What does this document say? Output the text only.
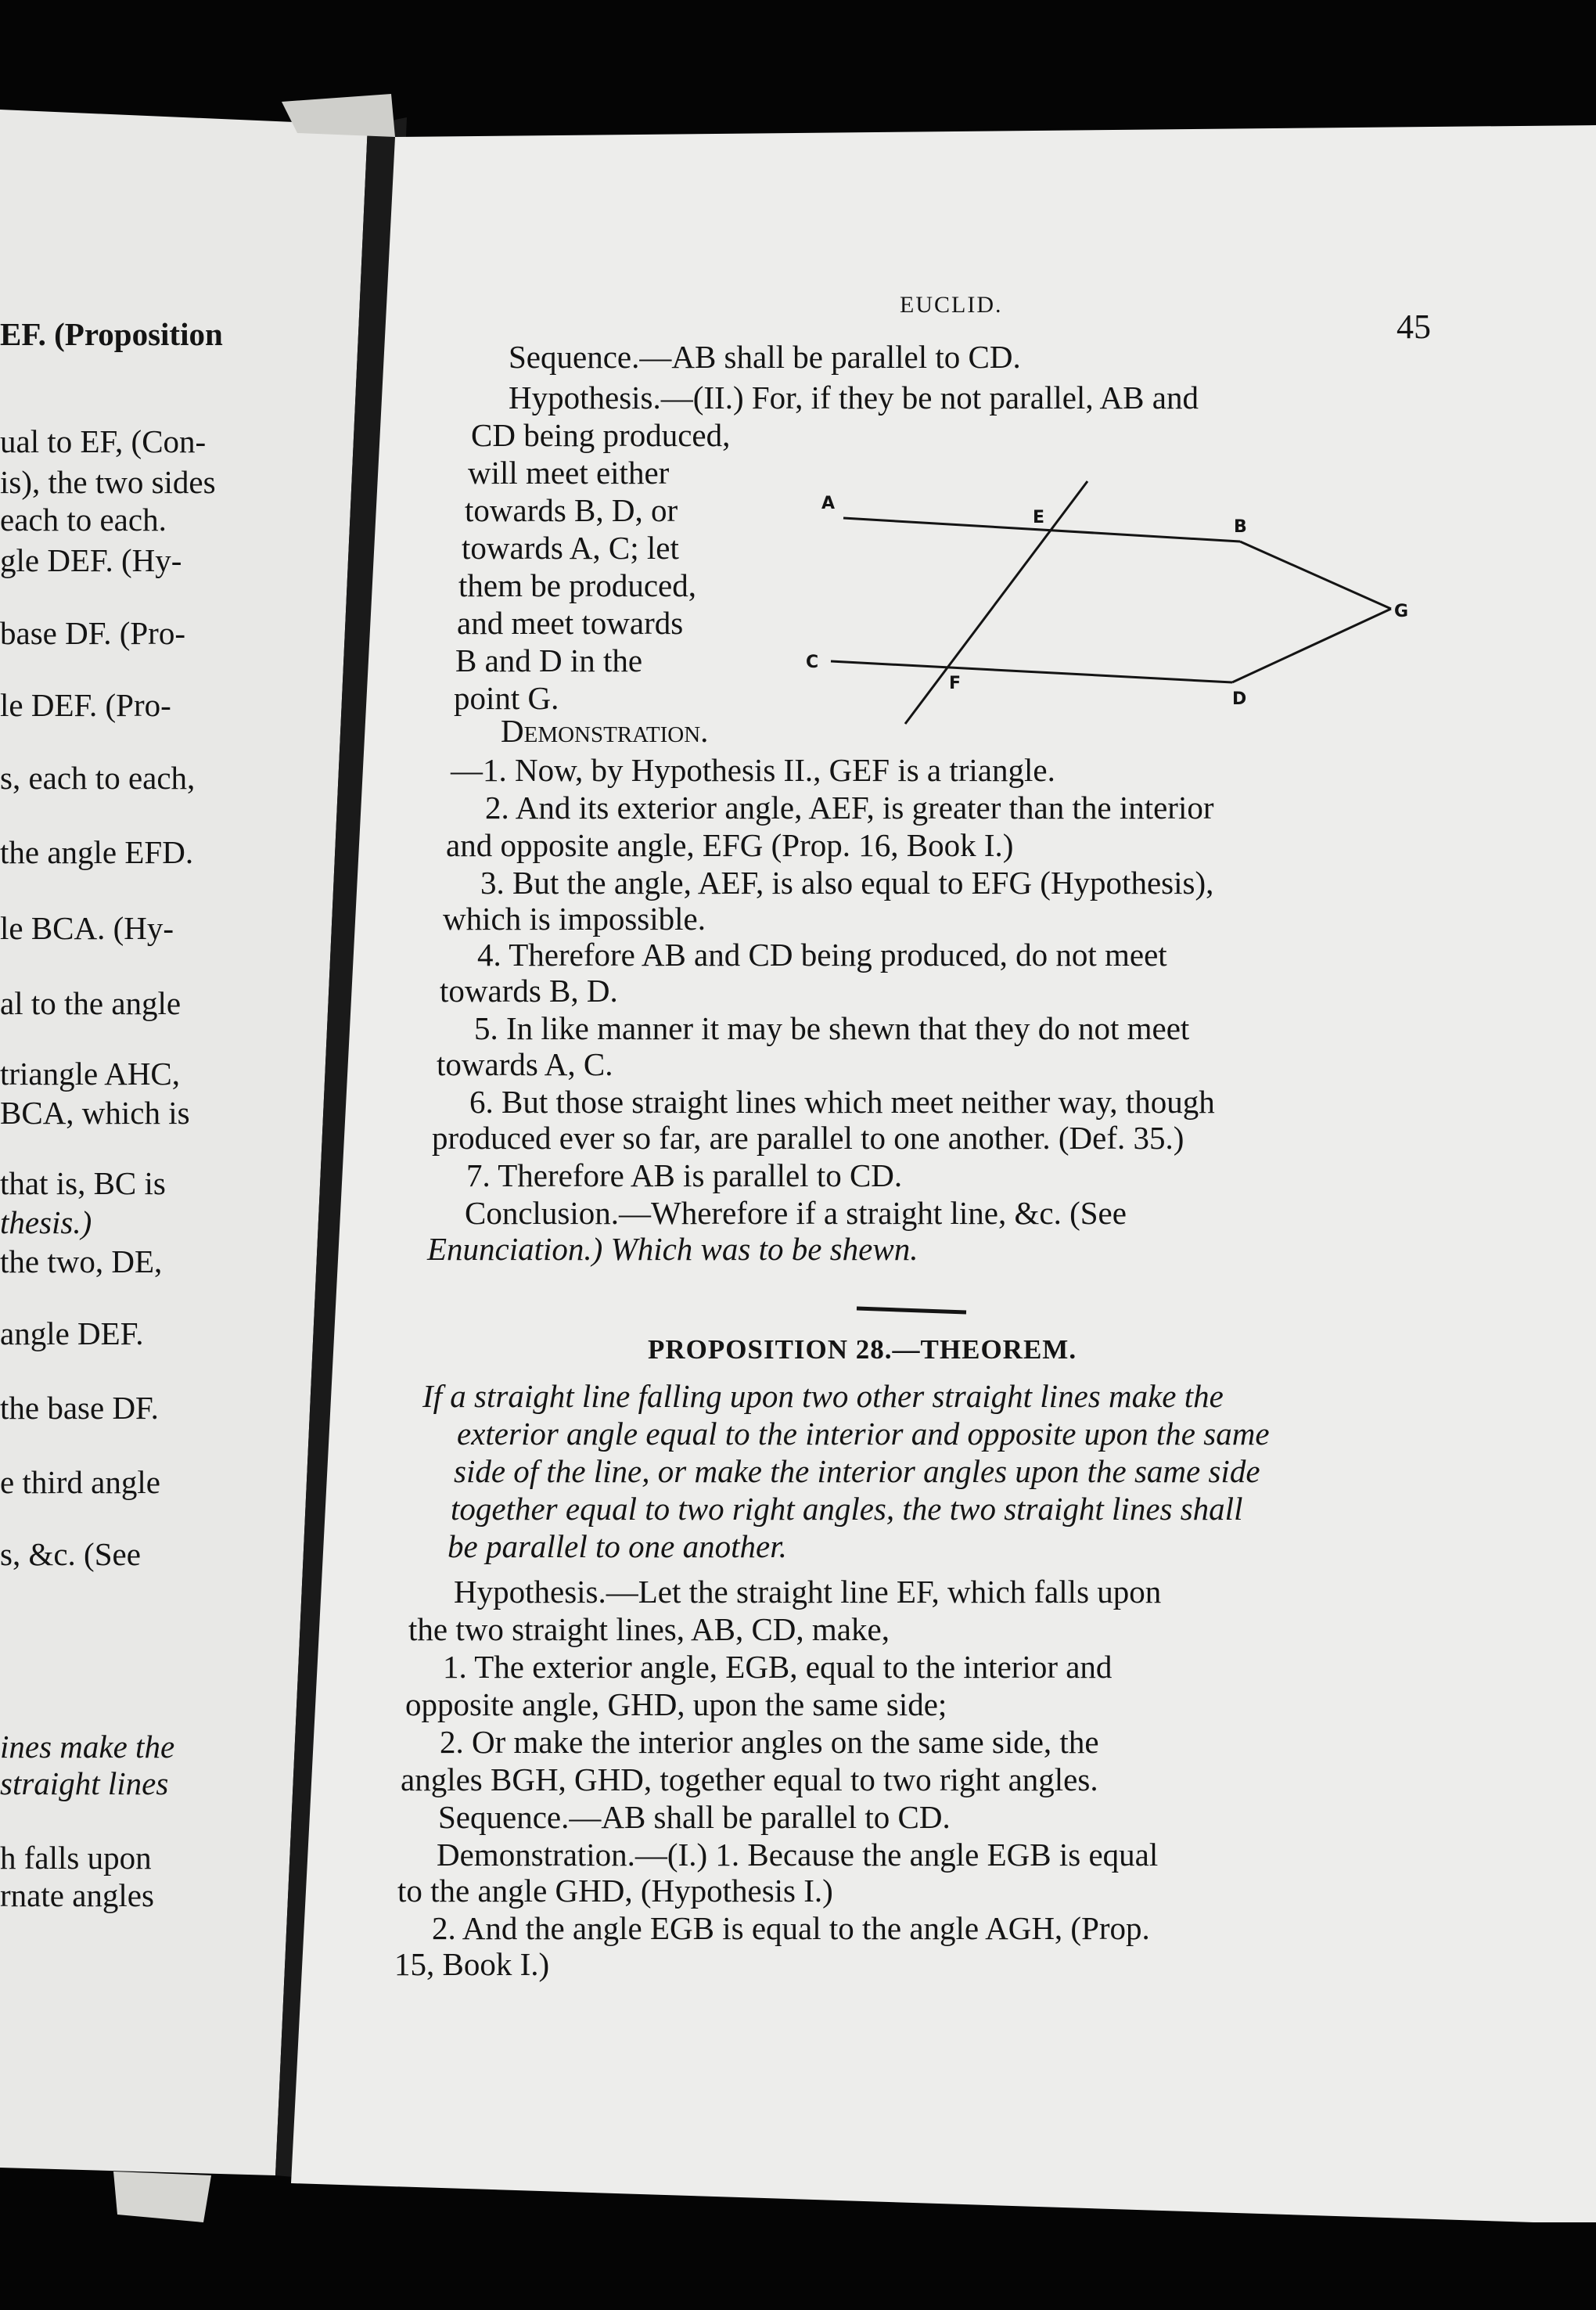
A
B
C
D
E
F
G

EF. (Proposition

ual to EF, (Con-

is), the two sides

each to each.

gle DEF. (Hy-

base DF. (Pro-

le DEF. (Pro-

s, each to each,

the angle EFD.

le BCA. (Hy-

al to the angle

triangle AHC,

BCA, which is

that is, BC is

thesis.)

the two, DE,

angle DEF.

the base DF.

e third angle

s, &c. (See

ines make the

straight lines

h falls upon

rnate angles

EUCLID.

45

Sequence.—AB shall be parallel to CD.

Hypothesis.—(II.) For, if they be not parallel, AB and

CD being produced,

will meet either

towards B, D, or

towards A, C; let

them be produced,

and meet towards

B and D in the

point G.

Demonstration.

—1. Now, by Hypothesis II., GEF is a triangle.

2. And its exterior angle, AEF, is greater than the interior

and opposite angle, EFG (Prop. 16, Book I.)

3. But the angle, AEF, is also equal to EFG (Hypothesis),

which is impossible.

4. Therefore AB and CD being produced, do not meet

towards B, D.

5. In like manner it may be shewn that they do not meet

towards A, C.

6. But those straight lines which meet neither way, though

produced ever so far, are parallel to one another. (Def. 35.)

7. Therefore AB is parallel to CD.

Conclusion.—Wherefore if a straight line, &c. (See

Enunciation.) Which was to be shewn.

PROPOSITION 28.—THEOREM.

If a straight line falling upon two other straight lines make the

exterior angle equal to the interior and opposite upon the same

side of the line, or make the interior angles upon the same side

together equal to two right angles, the two straight lines shall

be parallel to one another.

Hypothesis.—Let the straight line EF, which falls upon

the two straight lines, AB, CD, make,

1. The exterior angle, EGB, equal to the interior and

opposite angle, GHD, upon the same side;

2. Or make the interior angles on the same side, the

angles BGH, GHD, together equal to two right angles.

Sequence.—AB shall be parallel to CD.

Demonstration.—(I.) 1. Because the angle EGB is equal

to the angle GHD, (Hypothesis I.)

2. And the angle EGB is equal to the angle AGH, (Prop.

15, Book I.)
